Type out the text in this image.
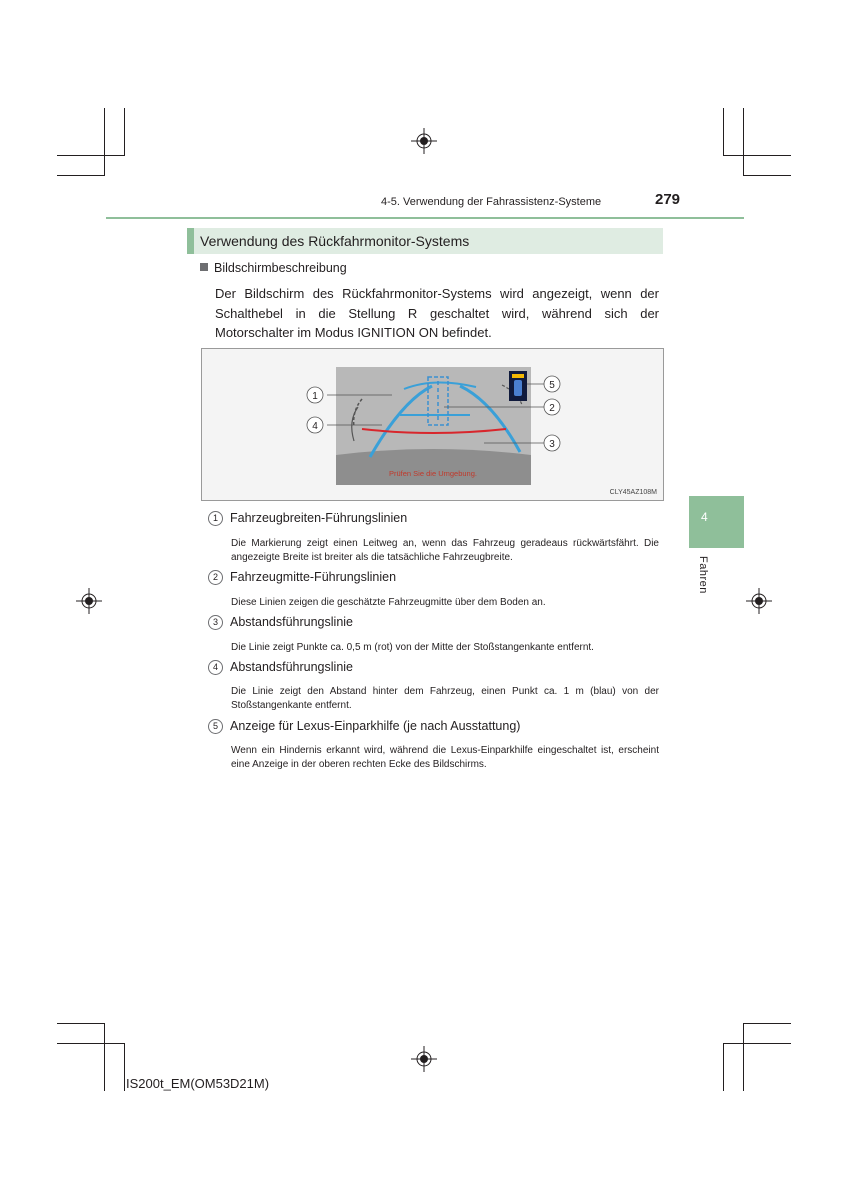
4-5. Verwendung der Fahrassistenz-Systeme	279
Verwendung des Rückfahrmonitor-Systems
Bildschirmbeschreibung
Der Bildschirm des Rückfahrmonitor-Systems wird angezeigt, wenn der Schalthebel in die Stellung R geschaltet wird, während sich der Motorschalter im Modus IGNITION ON befindet.
1
4
5
2
3
Prüfen Sie die Umgebung.
CLY45AZ108M
1 Fahrzeugbreiten-Führungslinien
Die Markierung zeigt einen Leitweg an, wenn das Fahrzeug geradeaus rückwärtsfährt. Die angezeigte Breite ist breiter als die tatsächliche Fahrzeugbreite.
2 Fahrzeugmitte-Führungslinien
Diese Linien zeigen die geschätzte Fahrzeugmitte über dem Boden an.
3 Abstandsführungslinie
Die Linie zeigt Punkte ca. 0,5 m (rot) von der Mitte der Stoßstangenkante entfernt.
4 Abstandsführungslinie
Die Linie zeigt den Abstand hinter dem Fahrzeug, einen Punkt ca. 1 m (blau) von der Stoßstangenkante entfernt.
5 Anzeige für Lexus-Einparkhilfe (je nach Ausstattung)
Wenn ein Hindernis erkannt wird, während die Lexus-Einparkhilfe eingeschaltet ist, erscheint eine Anzeige in der oberen rechten Ecke des Bildschirms.
4
Fahren
IS200t_EM(OM53D21M)
